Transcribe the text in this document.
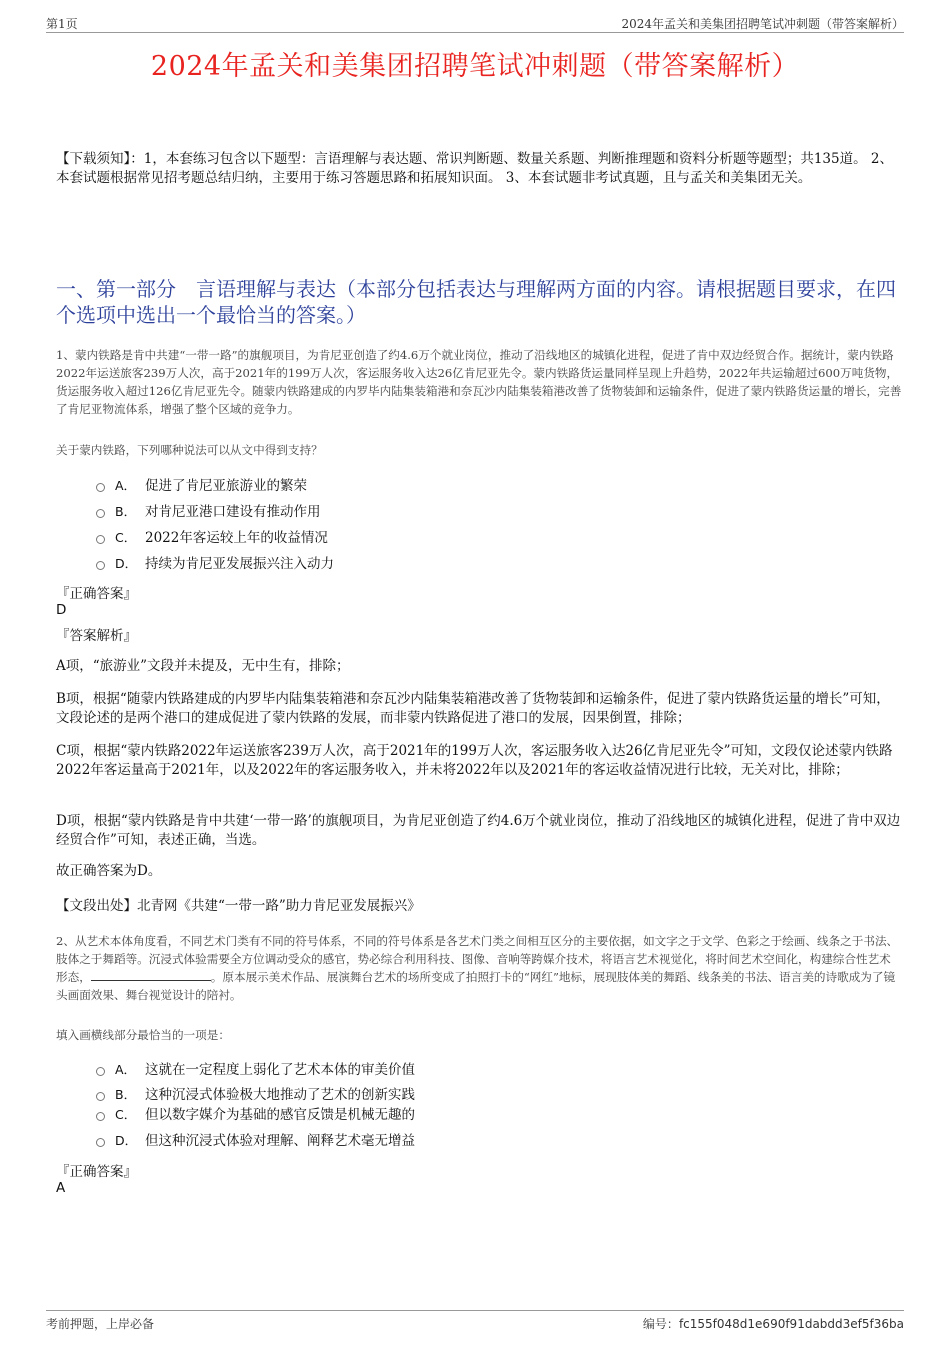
第1页	2024年孟关和美集团招聘笔试冲刺题（带答案解析）
2024年孟关和美集团招聘笔试冲刺题（带答案解析）
【下载须知】：1，本套练习包含以下题型：言语理解与表达题、常识判断题、数量关系题、判断推理题和资料分析题等题型；共135道。 2、本套试题根据常见招考题总结归纳，主要用于练习答题思路和拓展知识面。 3、本套试题非考试真题，且与孟关和美集团无关。
一、第一部分　言语理解与表达（本部分包括表达与理解两方面的内容。请根据题目要求，在四个选项中选出一个最恰当的答案。）
1、蒙内铁路是肯中共建“一带一路”的旗舰项目，为肯尼亚创造了约4.6万个就业岗位，推动了沿线地区的城镇化进程，促进了肯中双边经贸合作。据统计，蒙内铁路2022年运送旅客239万人次，高于2021年的199万人次，客运服务收入达26亿肯尼亚先令。蒙内铁路货运量同样呈现上升趋势，2022年共运输超过600万吨货物，货运服务收入超过126亿肯尼亚先令。随蒙内铁路建成的内罗毕内陆集装箱港和奈瓦沙内陆集装箱港改善了货物装卸和运输条件，促进了蒙内铁路货运量的增长，完善了肯尼亚物流体系，增强了整个区域的竞争力。
关于蒙内铁路，下列哪种说法可以从文中得到支持？
A． 促进了肯尼亚旅游业的繁荣
B． 对肯尼亚港口建设有推动作用
C． 2022年客运较上年的收益情况
D． 持续为肯尼亚发展振兴注入动力
『正确答案』
D
『答案解析』
A项，“旅游业”文段并未提及，无中生有，排除；
B项，根据“随蒙内铁路建成的内罗毕内陆集装箱港和奈瓦沙内陆集装箱港改善了货物装卸和运输条件，促进了蒙内铁路货运量的增长”可知，文段论述的是两个港口的建成促进了蒙内铁路的发展，而非蒙内铁路促进了港口的发展，因果倒置，排除；
C项，根据“蒙内铁路2022年运送旅客239万人次，高于2021年的199万人次，客运服务收入达26亿肯尼亚先令”可知，文段仅论述蒙内铁路2022年客运量高于2021年，以及2022年的客运服务收入，并未将2022年以及2021年的客运收益情况进行比较，无关对比，排除；
D项，根据“蒙内铁路是肯中共建‘一带一路’的旗舰项目，为肯尼亚创造了约4.6万个就业岗位，推动了沿线地区的城镇化进程，促进了肯中双边经贸合作”可知，表述正确，当选。
故正确答案为D。
【文段出处】北青网《共建“一带一路”助力肯尼亚发展振兴》
2、从艺术本体角度看，不同艺术门类有不同的符号体系，不同的符号体系是各艺术门类之间相互区分的主要依据，如文字之于文学、色彩之于绘画、线条之于书法、肢体之于舞蹈等。沉浸式体验需要全方位调动受众的感官，势必综合利用科技、图像、音响等跨媒介技术，将语言艺术视觉化，将时间艺术空间化，构建综合性艺术形态，	。原本展示美术作品、展演舞台艺术的场所变成了拍照打卡的“网红”地标，展现肢体美的舞蹈、线条美的书法、语言美的诗歌成为了镜头画面效果、舞台视觉设计的陪衬。
填入画横线部分最恰当的一项是：
A． 这就在一定程度上弱化了艺术本体的审美价值
B． 这种沉浸式体验极大地推动了艺术的创新实践
C． 但以数字媒介为基础的感官反馈是机械无趣的
D． 但这种沉浸式体验对理解、阐释艺术毫无增益
『正确答案』
A
考前押题，上岸必备	编号：fc155f048d1e690f91dabdd3ef5f36ba
